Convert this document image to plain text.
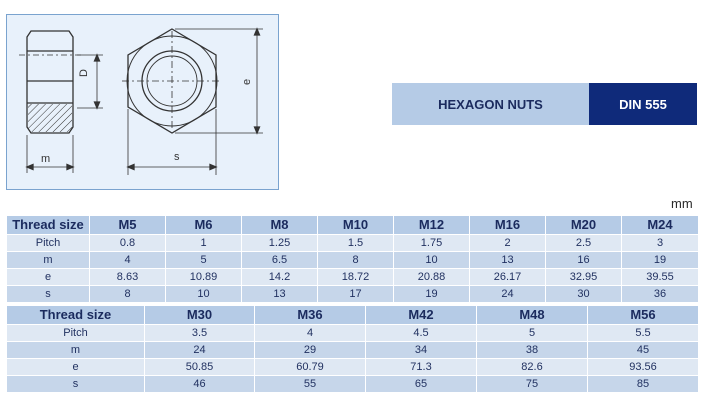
D
m
e
s
HEXAGON NUTS	DIN 555
mm
Thread size	M5	M6	M8	M10	M12	M16	M20	M24
Pitch	0.8	1	1.25	1.5	1.75	2	2.5	3
m	4	5	6.5	8	10	13	16	19
e	8.63	10.89	14.2	18.72	20.88	26.17	32.95	39.55
s	8	10	13	17	19	24	30	36
Thread size	M30	M36	M42	M48	M56
Pitch	3.5	4	4.5	5	5.5
m	24	29	34	38	45
e	50.85	60.79	71.3	82.6	93.56
s	46	55	65	75	85
